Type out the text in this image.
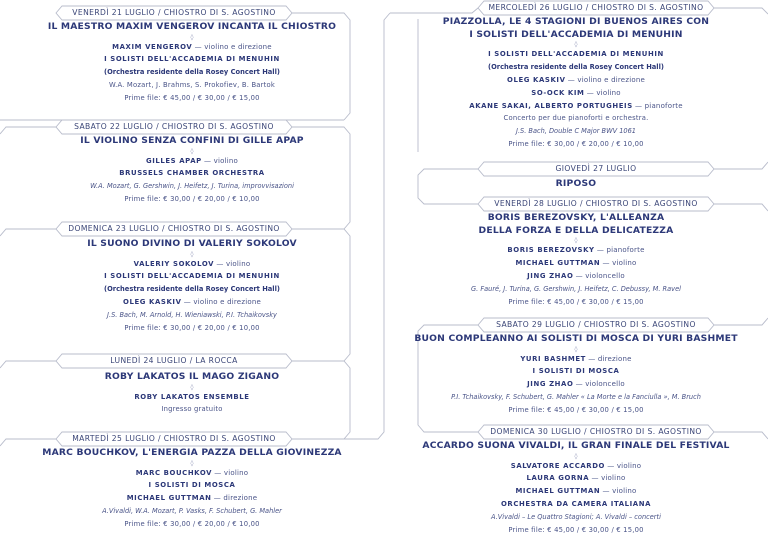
VENERDÌ 21 LUGLIO / CHIOSTRO DI S. AGOSTINO
IL MAESTRO MAXIM VENGEROV INCANTA IL CHIOSTRO
◊
MAXIM VENGEROV — violino e direzione
I SOLISTI DELL'ACCADEMIA DI MENUHIN
(Orchestra residente della Rosey Concert Hall)
W.A. Mozart, J. Brahms, S. Prokofiev, B. Bartok
Prime file: € 45,00 / € 30,00 / € 15,00
SABATO 22 LUGLIO / CHIOSTRO DI S. AGOSTINO
IL VIOLINO SENZA CONFINI DI GILLE APAP
◊
GILLES APAP — violino
BRUSSELS CHAMBER ORCHESTRA
W.A. Mozart, G. Gershwin, J. Heifetz, J. Turina, improvvisazioni
Prime file: € 30,00 / € 20,00 / € 10,00
DOMENICA 23 LUGLIO / CHIOSTRO DI S. AGOSTINO
IL SUONO DIVINO DI VALERIY SOKOLOV
◊
VALERIY SOKOLOV — violino
I SOLISTI DELL'ACCADEMIA DI MENUHIN
(Orchestra residente della Rosey Concert Hall)
OLEG KASKIV — violino e direzione
J.S. Bach, M. Arnold, H. Wieniawski, P.I. Tchaikovsky
Prime file: € 30,00 / € 20,00 / € 10,00
LUNEDÌ 24 LUGLIO / LA ROCCA
ROBY LAKATOS IL MAGO ZIGANO
◊
ROBY LAKATOS ENSEMBLE
Ingresso gratuito
MARTEDÌ 25 LUGLIO / CHIOSTRO DI S. AGOSTINO
MARC BOUCHKOV, L'ENERGIA PAZZA DELLA GIOVINEZZA
◊
MARC BOUCHKOV — violino
I SOLISTI DI MOSCA
MICHAEL GUTTMAN — direzione
A.Vivaldi, W.A. Mozart, P. Vasks, F. Schubert, G. Mahler
Prime file: € 30,00 / € 20,00 / € 10,00
MERCOLEDÌ 26 LUGLIO / CHIOSTRO DI S. AGOSTINO
PIAZZOLLA, LE 4 STAGIONI DI BUENOS AIRES CON
I SOLISTI DELL'ACCADEMIA DI MENUHIN
◊
I SOLISTI DELL'ACCADEMIA DI MENUHIN
(Orchestra residente della Rosey Concert Hall)
OLEG KASKIV — violino e direzione
SO-OCK KIM — violino
AKANE SAKAI, ALBERTO PORTUGHEIS — pianoforte
Concerto per due pianoforti e orchestra.
J.S. Bach, Double C Major BWV 1061
Prime file: € 30,00 / € 20,00 / € 10,00
GIOVEDÌ 27 LUGLIO
RIPOSO
VENERDÌ 28 LUGLIO / CHIOSTRO DI S. AGOSTINO
BORIS BEREZOVSKY, L'ALLEANZA
DELLA FORZA E DELLA DELICATEZZA
◊
BORIS BEREZOVSKY — pianoforte
MICHAEL GUTTMAN — violino
JING ZHAO — violoncello
G. Fauré, J. Turina, G. Gershwin, J. Heifetz, C. Debussy, M. Ravel
Prime file: € 45,00 / € 30,00 / € 15,00
SABATO 29 LUGLIO / CHIOSTRO DI S. AGOSTINO
BUON COMPLEANNO AI SOLISTI DI MOSCA DI YURI BASHMET
◊
YURI BASHMET — direzione
I SOLISTI DI MOSCA
JING ZHAO — violoncello
P.I. Tchaikovsky, F. Schubert, G. Mahler « La Morte e la Fanciulla », M. Bruch
Prime file: € 45,00 / € 30,00 / € 15,00
DOMENICA 30 LUGLIO / CHIOSTRO DI S. AGOSTINO
ACCARDO SUONA VIVALDI, IL GRAN FINALE DEL FESTIVAL
◊
SALVATORE ACCARDO — violino
LAURA GORNA — violino
MICHAEL GUTTMAN — violino
ORCHESTRA DA CAMERA ITALIANA
A.Vivaldi – Le Quattro Stagioni; A. Vivaldi – concerti
Prime file: € 45,00 / € 30,00 / € 15,00
